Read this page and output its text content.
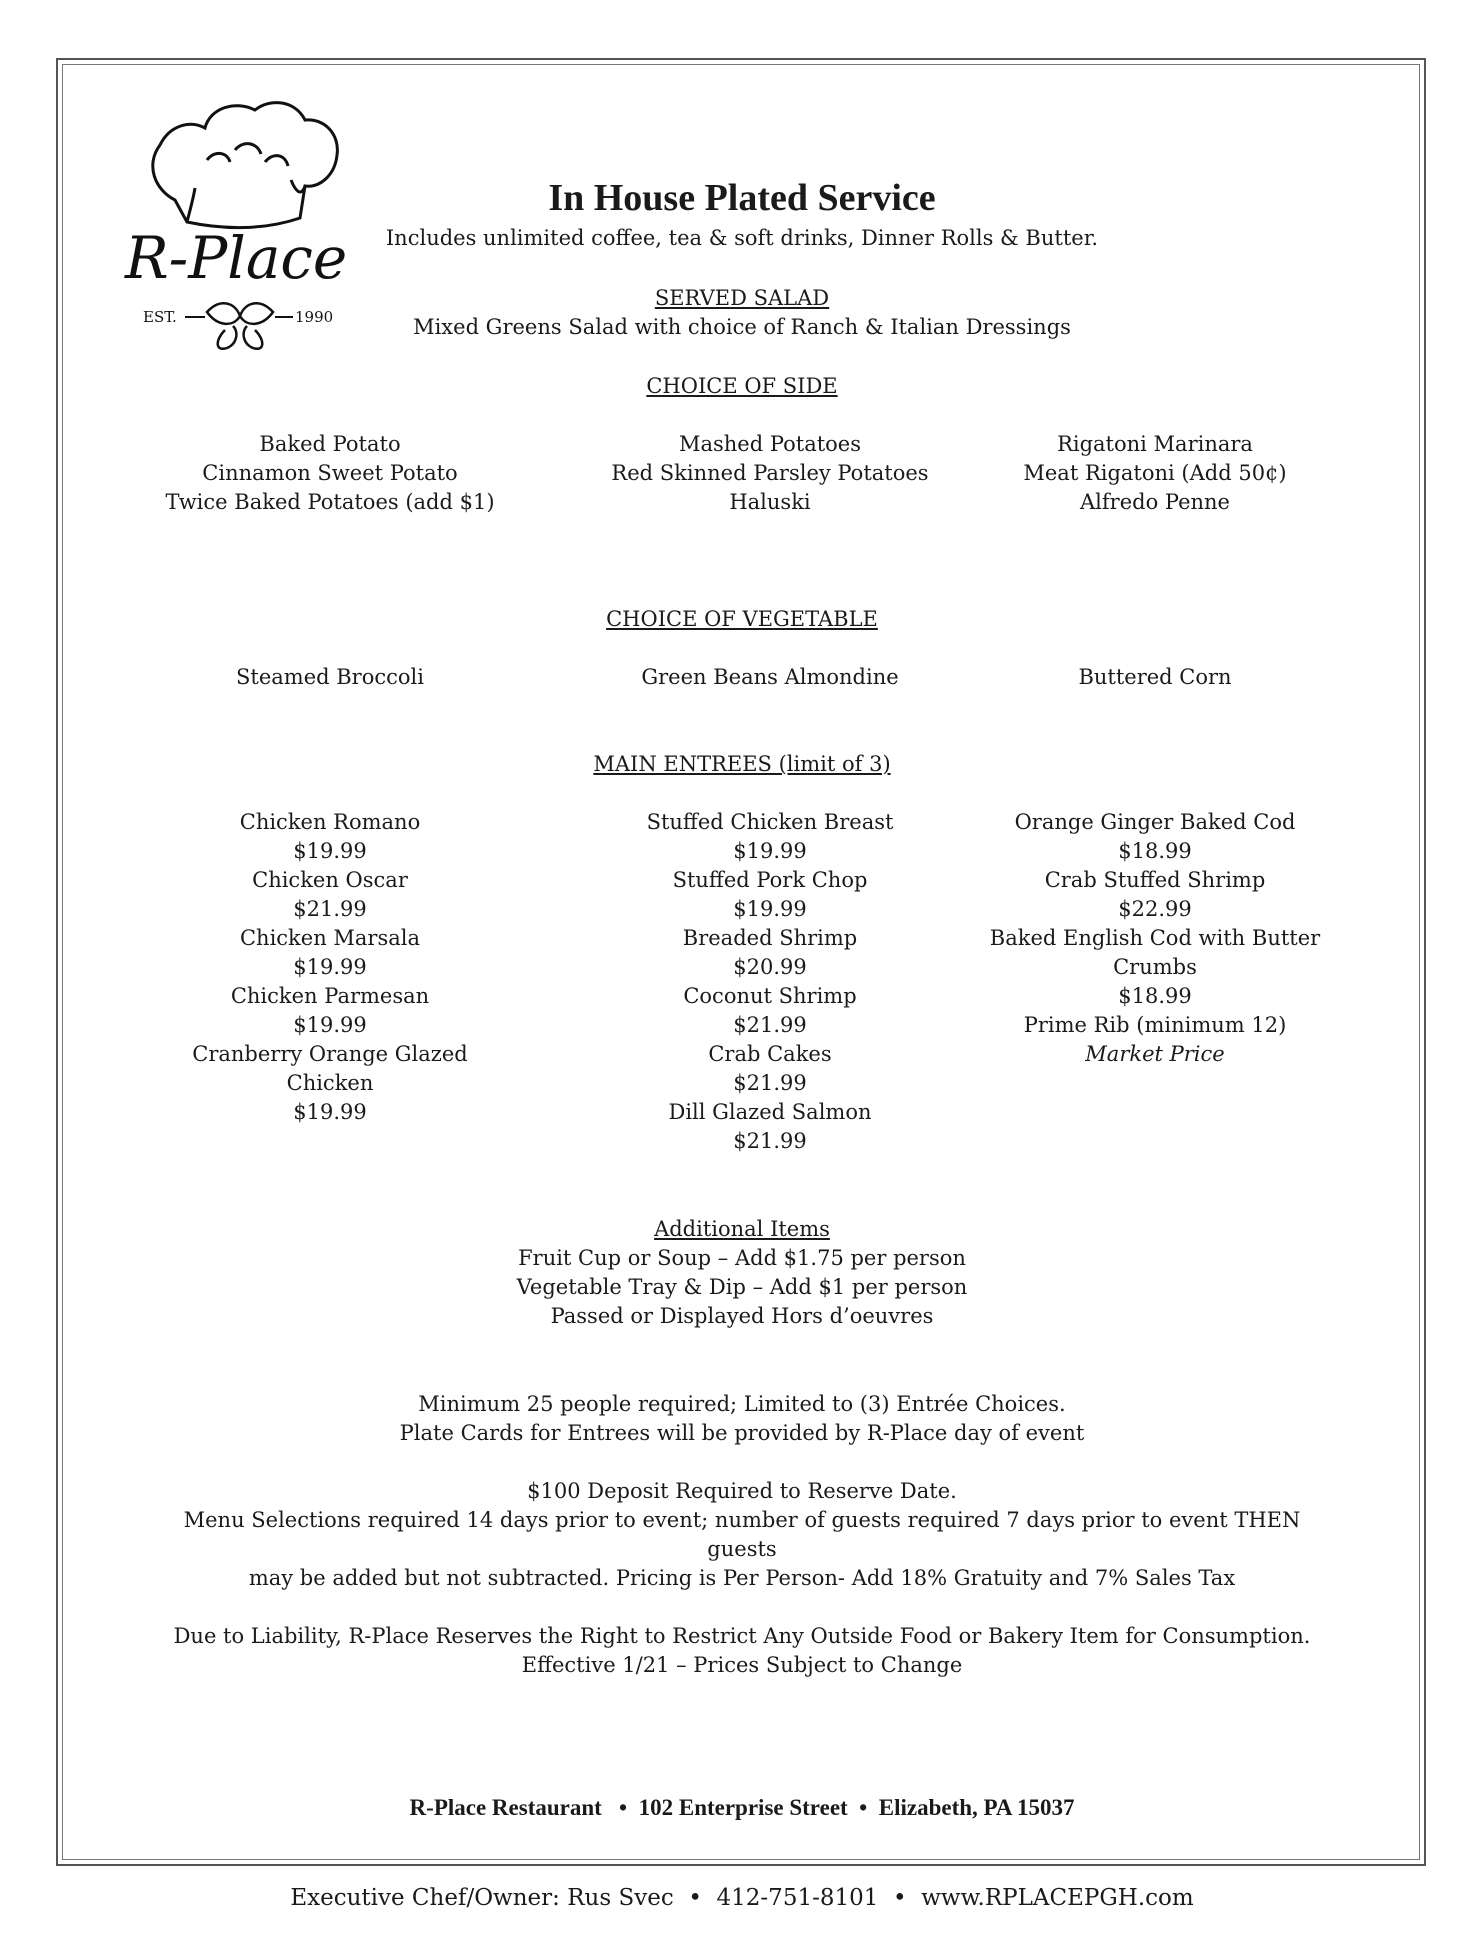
R-Place
EST.	1990
In House Plated Service
Includes unlimited coffee, tea & soft drinks, Dinner Rolls & Butter.
SERVED SALAD
Mixed Greens Salad with choice of Ranch & Italian Dressings
CHOICE OF SIDE
Baked Potato
Cinnamon Sweet Potato
Twice Baked Potatoes (add $1)
Mashed Potatoes
Red Skinned Parsley Potatoes
Haluski
Rigatoni Marinara
Meat Rigatoni (Add 50¢)
Alfredo Penne
CHOICE OF VEGETABLE
Steamed Broccoli	Green Beans Almondine	Buttered Corn
MAIN ENTREES (limit of 3)
Chicken Romano
$19.99
Chicken Oscar
$21.99
Chicken Marsala
$19.99
Chicken Parmesan
$19.99
Cranberry Orange Glazed
Chicken
$19.99
Stuffed Chicken Breast
$19.99
Stuffed Pork Chop
$19.99
Breaded Shrimp
$20.99
Coconut Shrimp
$21.99
Crab Cakes
$21.99
Dill Glazed Salmon
$21.99
Orange Ginger Baked Cod
$18.99
Crab Stuffed Shrimp
$22.99
Baked English Cod with Butter
Crumbs
$18.99
Prime Rib (minimum 12)
Market Price
Additional Items
Fruit Cup or Soup – Add $1.75 per person
Vegetable Tray & Dip – Add $1 per person
Passed or Displayed Hors d’oeuvres
Minimum 25 people required; Limited to (3) Entrée Choices.
Plate Cards for Entrees will be provided by R-Place day of event
$100 Deposit Required to Reserve Date.
Menu Selections required 14 days prior to event; number of guests required 7 days prior to event THEN guests
may be added but not subtracted. Pricing is Per Person- Add 18% Gratuity and 7% Sales Tax
Due to Liability, R-Place Reserves the Right to Restrict Any Outside Food or Bakery Item for Consumption.
Effective 1/21 – Prices Subject to Change

R-Place Restaurant   •  102 Enterprise Street  •  Elizabeth, PA 15037

Executive Chef/Owner: Rus Svec  •  412-751-8101  •  www.RPLACEPGH.com
